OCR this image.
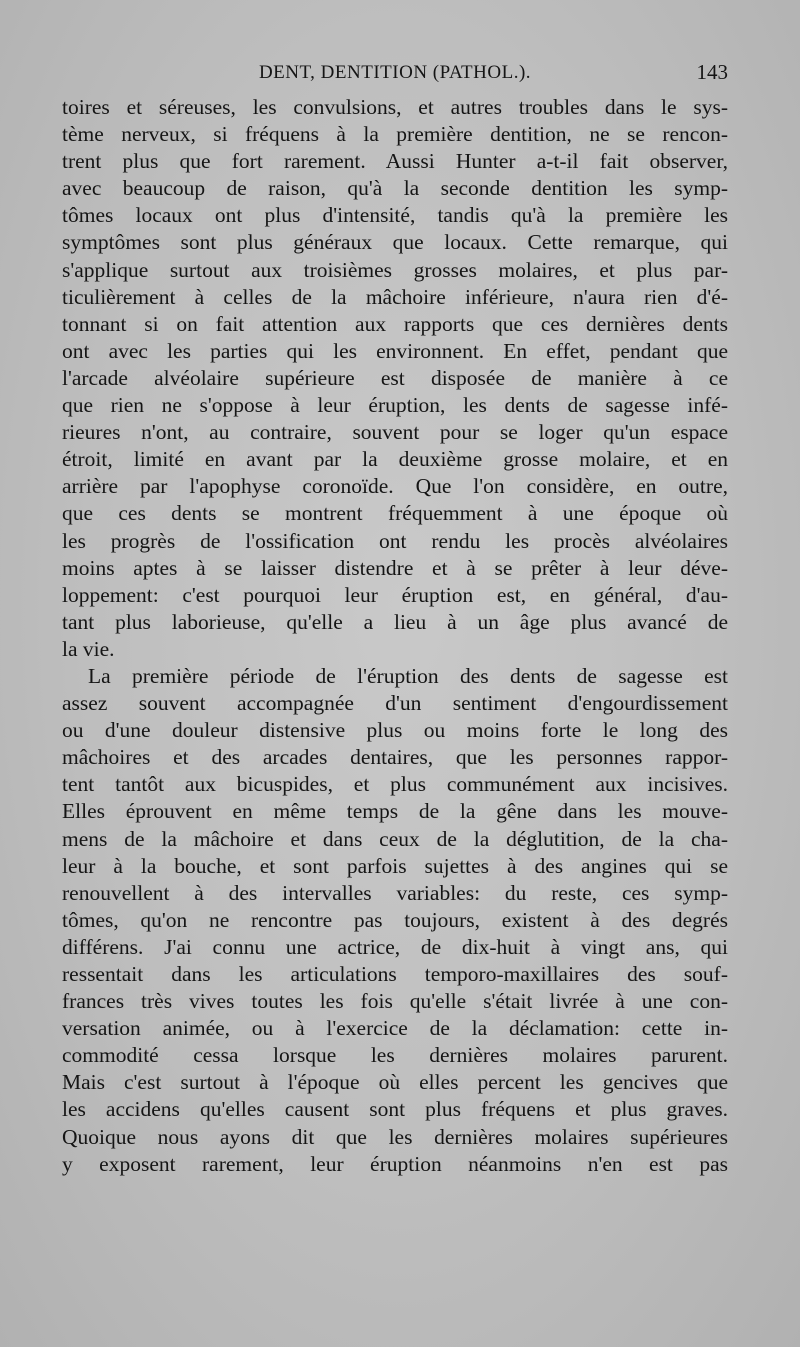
DENT, DENTITION (PATHOL.).	143
toires et séreuses, les convulsions, et autres troubles dans le sys-
tème nerveux, si fréquens à la première dentition, ne se rencon-
trent plus que fort rarement. Aussi Hunter a-t-il fait observer,
avec beaucoup de raison, qu'à la seconde dentition les symp-
tômes locaux ont plus d'intensité, tandis qu'à la première les
symptômes sont plus généraux que locaux. Cette remarque, qui
s'applique surtout aux troisièmes grosses molaires, et plus par-
ticulièrement à celles de la mâchoire inférieure, n'aura rien d'é-
tonnant si on fait attention aux rapports que ces dernières dents
ont avec les parties qui les environnent. En effet, pendant que
l'arcade alvéolaire supérieure est disposée de manière à ce
que rien ne s'oppose à leur éruption, les dents de sagesse infé-
rieures n'ont, au contraire, souvent pour se loger qu'un espace
étroit, limité en avant par la deuxième grosse molaire, et en
arrière par l'apophyse coronoïde. Que l'on considère, en outre,
que ces dents se montrent fréquemment à une époque où
les progrès de l'ossification ont rendu les procès alvéolaires
moins aptes à se laisser distendre et à se prêter à leur déve-
loppement: c'est pourquoi leur éruption est, en général, d'au-
tant plus laborieuse, qu'elle a lieu à un âge plus avancé de
la vie.
La première période de l'éruption des dents de sagesse est
assez souvent accompagnée d'un sentiment d'engourdissement
ou d'une douleur distensive plus ou moins forte le long des
mâchoires et des arcades dentaires, que les personnes rappor-
tent tantôt aux bicuspides, et plus communément aux incisives.
Elles éprouvent en même temps de la gêne dans les mouve-
mens de la mâchoire et dans ceux de la déglutition, de la cha-
leur à la bouche, et sont parfois sujettes à des angines qui se
renouvellent à des intervalles variables: du reste, ces symp-
tômes, qu'on ne rencontre pas toujours, existent à des degrés
différens. J'ai connu une actrice, de dix-huit à vingt ans, qui
ressentait dans les articulations temporo-maxillaires des souf-
frances très vives toutes les fois qu'elle s'était livrée à une con-
versation animée, ou à l'exercice de la déclamation: cette in-
commodité cessa lorsque les dernières molaires parurent.
Mais c'est surtout à l'époque où elles percent les gencives que
les accidens qu'elles causent sont plus fréquens et plus graves.
Quoique nous ayons dit que les dernières molaires supérieures
y exposent rarement, leur éruption néanmoins n'en est pas
